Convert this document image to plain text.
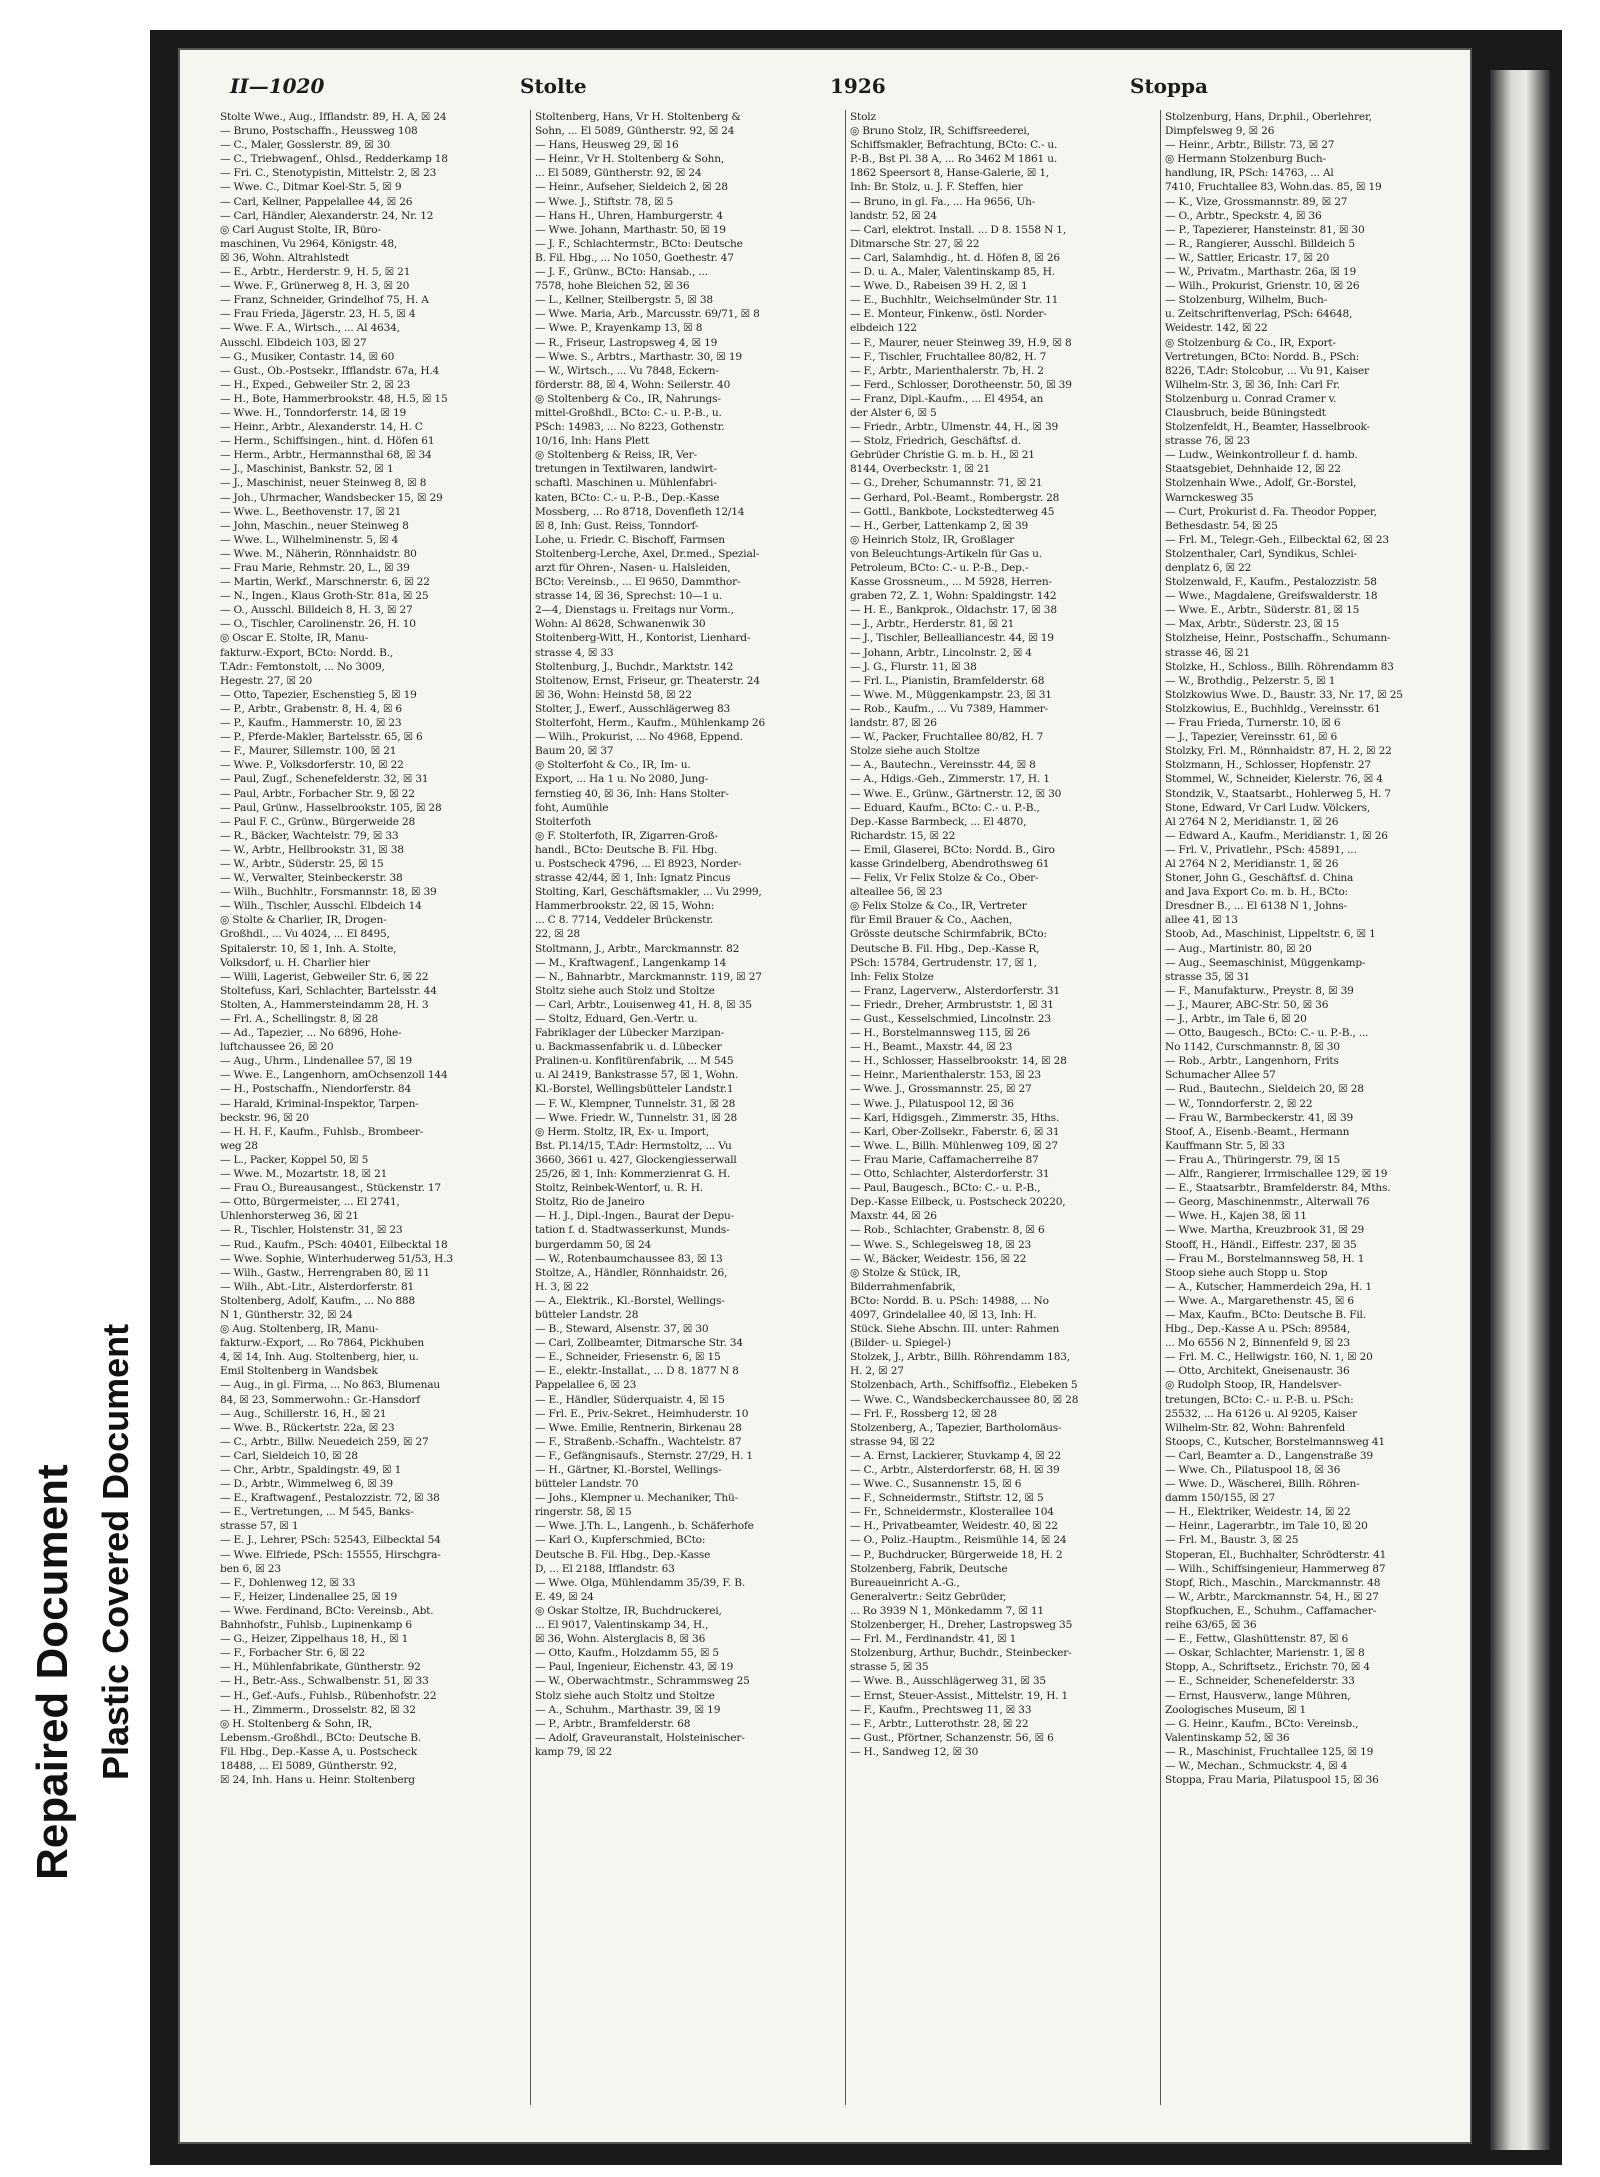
Repaired Document Plastic Covered Document
II—1020	Stolte	1926	Stoppa
Stolte Wwe., Aug., Ifflandstr. 89, H. A, ☒ 24
— Bruno, Postschaffn., Heussweg 108
— C., Maler, Gosslerstr. 89, ☒ 30
— C., Triebwagenf., Ohlsd., Redderkamp 18
— Fri. C., Stenotypistin, Mittelstr. 2, ☒ 23
— Wwe. C., Ditmar Koel-Str. 5, ☒ 9
— Carl, Kellner, Pappelallee 44, ☒ 26
— Carl, Händler, Alexanderstr. 24, Nr. 12
◎ Carl August Stolte, IR, Büro-
maschinen, Vu 2964, Königstr. 48,
☒ 36, Wohn. Altrahlstedt
— E., Arbtr., Herderstr. 9, H. 5, ☒ 21
— Wwe. F., Grünerweg 8, H. 3, ☒ 20
— Franz, Schneider, Grindelhof 75, H. A
— Frau Frieda, Jägerstr. 23, H. 5, ☒ 4
— Wwe. F. A., Wirtsch., ... Al 4634,
Ausschl. Elbdeich 103, ☒ 27
— G., Musiker, Contastr. 14, ☒ 60
— Gust., Ob.-Postsekr., Ifflandstr. 67a, H.4
— H., Exped., Gebweiler Str. 2, ☒ 23
— H., Bote, Hammerbrookstr. 48, H.5, ☒ 15
— Wwe. H., Tonndorferstr. 14, ☒ 19
— Heinr., Arbtr., Alexanderstr. 14, H. C
— Herm., Schiffsingen., hint. d. Höfen 61
— Herm., Arbtr., Hermannsthal 68, ☒ 34
— J., Maschinist, Bankstr. 52, ☒ 1
— J., Maschinist, neuer Steinweg 8, ☒ 8
— Joh., Uhrmacher, Wandsbecker 15, ☒ 29
— Wwe. L., Beethovenstr. 17, ☒ 21
— John, Maschin., neuer Steinweg 8
— Wwe. L., Wilhelminenstr. 5, ☒ 4
— Wwe. M., Näherin, Rönnhaidstr. 80
— Frau Marie, Rehmstr. 20, L., ☒ 39
— Martin, Werkf., Marschnerstr. 6, ☒ 22
— N., Ingen., Klaus Groth-Str. 81a, ☒ 25
— O., Ausschl. Billdeich 8, H. 3, ☒ 27
— O., Tischler, Carolinenstr. 26, H. 10
◎ Oscar E. Stolte, IR, Manu-
fakturw.-Export, BCto: Nordd. B.,
T.Adr.: Femtonstolt, ... No 3009,
Hegestr. 27, ☒ 20
— Otto, Tapezier, Eschenstieg 5, ☒ 19
— P., Arbtr., Grabenstr. 8, H. 4, ☒ 6
— P., Kaufm., Hammerstr. 10, ☒ 23
— P., Pferde-Makler, Bartelsstr. 65, ☒ 6
— F., Maurer, Sillemstr. 100, ☒ 21
— Wwe. P., Volksdorferstr. 10, ☒ 22
— Paul, Zugf., Schenefelderstr. 32, ☒ 31
— Paul, Arbtr., Forbacher Str. 9, ☒ 22
— Paul, Grünw., Hasselbrookstr. 105, ☒ 28
— Paul F. C., Grünw., Bürgerweide 28
— R., Bäcker, Wachtelstr. 79, ☒ 33
— W., Arbtr., Hellbrookstr. 31, ☒ 38
— W., Arbtr., Süderstr. 25, ☒ 15
— W., Verwalter, Steinbeckerstr. 38
— Wilh., Buchhltr., Forsmannstr. 18, ☒ 39
— Wilh., Tischler, Ausschl. Elbdeich 14
◎ Stolte & Charlier, IR, Drogen-
Großhdl., ... Vu 4024, ... El 8495,
Spitalerstr. 10, ☒ 1, Inh. A. Stolte,
Volksdorf, u. H. Charlier hier
— Willi, Lagerist, Gebweiler Str. 6, ☒ 22
Stoltefuss, Karl, Schlachter, Bartelsstr. 44
Stolten, A., Hammersteindamm 28, H. 3
— Frl. A., Schellingstr. 8, ☒ 28
— Ad., Tapezier, ... No 6896, Hohe-
luftchaussee 26, ☒ 20
— Aug., Uhrm., Lindenallee 57, ☒ 19
— Wwe. E., Langenhorn, amOchsenzoll 144
— H., Postschaffn., Niendorferstr. 84
— Harald, Kriminal-Inspektor, Tarpen-
beckstr. 96, ☒ 20
— H. H. F., Kaufm., Fuhlsb., Brombeer-
weg 28
— L., Packer, Koppel 50, ☒ 5
— Wwe. M., Mozartstr. 18, ☒ 21
— Frau O., Bureausangest., Stückenstr. 17
— Otto, Bürgermeister, ... El 2741,
Uhlenhorsterweg 36, ☒ 21
— R., Tischler, Holstenstr. 31, ☒ 23
— Rud., Kaufm., PSch: 40401, Eilbecktal 18
— Wwe. Sophie, Winterhuderweg 51/53, H.3
— Wilh., Gastw., Herrengraben 80, ☒ 11
— Wilh., Abt.-Litr., Alsterdorferstr. 81
Stoltenberg, Adolf, Kaufm., ... No 888
N 1, Güntherstr. 32, ☒ 24
◎ Aug. Stoltenberg, IR, Manu-
fakturw.-Export, ... Ro 7864, Pickhuben
4, ☒ 14, Inh. Aug. Stoltenberg, hier, u.
Emil Stoltenberg in Wandsbek
— Aug., in gl. Firma, ... No 863, Blumenau
84, ☒ 23, Sommerwohn.: Gr.-Hansdorf
— Aug., Schillerstr. 16, H., ☒ 21
— Wwe. B., Rückertstr. 22a, ☒ 23
— C., Arbtr., Billw. Neuedeich 259, ☒ 27
— Carl, Sieldeich 10, ☒ 28
— Chr., Arbtr., Spaldingstr. 49, ☒ 1
— D., Arbtr., Wimmelweg 6, ☒ 39
— E., Kraftwagenf., Pestalozzistr. 72, ☒ 38
— E., Vertretungen, ... M 545, Banks-
strasse 57, ☒ 1
— E. J., Lehrer, PSch: 52543, Eilbecktal 54
— Wwe. Elfriede, PSch: 15555, Hirschgra-
ben 6, ☒ 23
— F., Dohlenweg 12, ☒ 33
— F., Heizer, Lindenallee 25, ☒ 19
— Wwe. Ferdinand, BCto: Vereinsb., Abt.
Bahnhofstr., Fuhlsb., Lupinenkamp 6
— G., Heizer, Zippelhaus 18, H., ☒ 1
— F., Forbacher Str. 6, ☒ 22
— H., Mühlenfabrikate, Güntherstr. 92
— H., Betr.-Ass., Schwalbenstr. 51, ☒ 33
— H., Gef.-Aufs., Fuhlsb., Rübenhofstr. 22
— H., Zimmerm., Drosselstr. 82, ☒ 32
◎ H. Stoltenberg & Sohn, IR,
Lebensm.-Großhdl., BCto: Deutsche B.
Fil. Hbg., Dep.-Kasse A, u. Postscheck
18488, ... El 5089, Güntherstr. 92,
☒ 24, Inh. Hans u. Heinr. Stoltenberg
Stoltenberg, Hans, Vr H. Stoltenberg &
Sohn, ... El 5089, Güntherstr. 92, ☒ 24
— Hans, Heusweg 29, ☒ 16
— Heinr., Vr H. Stoltenberg & Sohn,
... El 5089, Güntherstr. 92, ☒ 24
— Heinr., Aufseher, Sieldeich 2, ☒ 28
— Wwe. J., Stiftstr. 78, ☒ 5
— Hans H., Uhren, Hamburgerstr. 4
— Wwe. Johann, Marthastr. 50, ☒ 19
— J. F., Schlachtermstr., BCto: Deutsche
B. Fil. Hbg., ... No 1050, Goethestr. 47
— J. F., Grünw., BCto: Hansab., ...
7578, hohe Bleichen 52, ☒ 36
— L., Kellner, Steilbergstr. 5, ☒ 38
— Wwe. Maria, Arb., Marcusstr. 69/71, ☒ 8
— Wwe. P., Krayenkamp 13, ☒ 8
— R., Friseur, Lastropsweg 4, ☒ 19
— Wwe. S., Arbtrs., Marthastr. 30, ☒ 19
— W., Wirtsch., ... Vu 7848, Eckern-
förderstr. 88, ☒ 4, Wohn: Seilerstr. 40
◎ Stoltenberg & Co., IR, Nahrungs-
mittel-Großhdl., BCto: C.- u. P.-B., u.
PSch: 14983, ... No 8223, Gothenstr.
10/16, Inh: Hans Plett
◎ Stoltenberg & Reiss, IR, Ver-
tretungen in Textilwaren, landwirt-
schaftl. Maschinen u. Mühlenfabri-
katen, BCto: C.- u. P.-B., Dep.-Kasse
Mossberg, ... Ro 8718, Dovenfleth 12/14
☒ 8, Inh: Gust. Reiss, Tonndorf-
Lohe, u. Friedr. C. Bischoff, Farmsen
Stoltenberg-Lerche, Axel, Dr.med., Spezial-
arzt für Ohren-, Nasen- u. Halsleiden,
BCto: Vereinsb., ... El 9650, Dammthor-
strasse 14, ☒ 36, Sprechst: 10—1 u.
2—4, Dienstags u. Freitags nur Vorm.,
Wohn: Al 8628, Schwanenwik 30
Stoltenberg-Witt, H., Kontorist, Lienhard-
strasse 4, ☒ 33
Stoltenburg, J., Buchdr., Marktstr. 142
Stoltenow, Ernst, Friseur, gr. Theaterstr. 24
☒ 36, Wohn: Heinstd 58, ☒ 22
Stolter, J., Ewerf., Ausschlägerweg 83
Stolterfoht, Herm., Kaufm., Mühlenkamp 26
— Wilh., Prokurist, ... No 4968, Eppend.
Baum 20, ☒ 37
◎ Stolterfoht & Co., IR, Im- u.
Export, ... Ha 1 u. No 2080, Jung-
fernstieg 40, ☒ 36, Inh: Hans Stolter-
foht, Aumühle
Stolterfoth
◎ F. Stolterfoth, IR, Zigarren-Groß-
handl., BCto: Deutsche B. Fil. Hbg.
u. Postscheck 4796, ... El 8923, Norder-
strasse 42/44, ☒ 1, Inh: Ignatz Pincus
Stolting, Karl, Geschäftsmakler, ... Vu 2999,
Hammerbrookstr. 22, ☒ 15, Wohn:
... C 8. 7714, Veddeler Brückenstr.
22, ☒ 28
Stoltmann, J., Arbtr., Marckmannstr. 82
— M., Kraftwagenf., Langenkamp 14
— N., Bahnarbtr., Marckmannstr. 119, ☒ 27
Stoltz siehe auch Stolz und Stoltze
— Carl, Arbtr., Louisenweg 41, H. 8, ☒ 35
— Stoltz, Eduard, Gen.-Vertr. u.
Fabriklager der Lübecker Marzipan-
u. Backmassenfabrik u. d. Lübecker
Pralinen-u. Konfitürenfabrik, ... M 545
u. Al 2419, Bankstrasse 57, ☒ 1, Wohn.
Kl.-Borstel, Wellingsbütteler Landstr.1
— F. W., Klempner, Tunnelstr. 31, ☒ 28
— Wwe. Friedr. W., Tunnelstr. 31, ☒ 28
◎ Herm. Stoltz, IR, Ex- u. Import,
Bst. Pl.14/15, T.Adr: Hermstoltz, ... Vu
3660, 3661 u. 427, Glockengiesserwall
25/26, ☒ 1, Inh: Kommerzienrat G. H.
Stoltz, Reinbek-Wentorf, u. R. H.
Stoltz, Rio de Janeiro
— H. J., Dipl.-Ingen., Baurat der Depu-
tation f. d. Stadtwasserkunst, Munds-
burgerdamm 50, ☒ 24
— W., Rotenbaumchaussee 83, ☒ 13
Stoltze, A., Händler, Rönnhaidstr. 26,
H. 3, ☒ 22
— A., Elektrik., Kl.-Borstel, Wellings-
bütteler Landstr. 28
— B., Steward, Alsenstr. 37, ☒ 30
— Carl, Zollbeamter, Ditmarsche Str. 34
— E., Schneider, Friesenstr. 6, ☒ 15
— E., elektr.-Installat., ... D 8. 1877 N 8
Pappelallee 6, ☒ 23
— E., Händler, Süderquaistr. 4, ☒ 15
— Frl. E., Priv.-Sekret., Heimhuderstr. 10
— Wwe. Emilie, Rentnerin, Birkenau 28
— F., Straßenb.-Schaffn., Wachtelstr. 87
— F., Gefängnisaufs., Sternstr. 27/29, H. 1
— H., Gärtner, Kl.-Borstel, Wellings-
bütteler Landstr. 70
— Johs., Klempner u. Mechaniker, Thü-
ringerstr. 58, ☒ 15
— Wwe. J.Th. L., Langenh., b. Schäferhofe
— Karl O., Kupferschmied, BCto:
Deutsche B. Fil. Hbg., Dep.-Kasse
D, ... El 2188, Ifflandstr. 63
— Wwe. Olga, Mühlendamm 35/39, F. B.
E. 49, ☒ 24
◎ Oskar Stoltze, IR, Buchdruckerei,
... El 9017, Valentinskamp 34, H.,
☒ 36, Wohn. Alsterglacis 8, ☒ 36
— Otto, Kaufm., Holzdamm 55, ☒ 5
— Paul, Ingenieur, Eichenstr. 43, ☒ 19
— W., Oberwachtmstr., Schrammsweg 25
Stolz siehe auch Stoltz und Stoltze
— A., Schuhm., Marthastr. 39, ☒ 19
— P., Arbtr., Bramfelderstr. 68
— Adolf, Graveuranstalt, Holsteinischer-
kamp 79, ☒ 22
Stolz
◎ Bruno Stolz, IR, Schiffsreederei,
Schiffsmakler, Befrachtung, BCto: C.- u.
P.-B., Bst Pl. 38 A, ... Ro 3462 M 1861 u.
1862 Speersort 8, Hanse-Galerie, ☒ 1,
Inh: Br. Stolz, u. J. F. Steffen, hier
— Bruno, in gl. Fa., ... Ha 9656, Uh-
landstr. 52, ☒ 24
— Carl, elektrot. Install. ... D 8. 1558 N 1,
Ditmarsche Str. 27, ☒ 22
— Carl, Salamhdig., ht. d. Höfen 8, ☒ 26
— D. u. A., Maler, Valentinskamp 85, H.
— Wwe. D., Rabeisen 39 H. 2, ☒ 1
— E., Buchhltr., Weichselmünder Str. 11
— E. Monteur, Finkenw., östl. Norder-
elbdeich 122
— F., Maurer, neuer Steinweg 39, H.9, ☒ 8
— F., Tischler, Fruchtallee 80/82, H. 7
— F., Arbtr., Marienthalerstr. 7b, H. 2
— Ferd., Schlosser, Dorotheenstr. 50, ☒ 39
— Franz, Dipl.-Kaufm., ... El 4954, an
der Alster 6, ☒ 5
— Friedr., Arbtr., Ulmenstr. 44, H., ☒ 39
— Stolz, Friedrich, Geschäftsf. d.
Gebrüder Christie G. m. b. H., ☒ 21
8144, Overbeckstr. 1, ☒ 21
— G., Dreher, Schumannstr. 71, ☒ 21
— Gerhard, Pol.-Beamt., Rombergstr. 28
— Gottl., Bankbote, Lockstedterweg 45
— H., Gerber, Lattenkamp 2, ☒ 39
◎ Heinrich Stolz, IR, Großlager
von Beleuchtungs-Artikeln für Gas u.
Petroleum, BCto: C.- u. P.-B., Dep.-
Kasse Grossneum., ... M 5928, Herren-
graben 72, Z. 1, Wohn: Spaldingstr. 142
— H. E., Bankprok., Oldachstr. 17, ☒ 38
— J., Arbtr., Herderstr. 81, ☒ 21
— J., Tischler, Bellealliancestr. 44, ☒ 19
— Johann, Arbtr., Lincolnstr. 2, ☒ 4
— J. G., Flurstr. 11, ☒ 38
— Frl. L., Pianistin, Bramfelderstr. 68
— Wwe. M., Müggenkampstr. 23, ☒ 31
— Rob., Kaufm., ... Vu 7389, Hammer-
landstr. 87, ☒ 26
— W., Packer, Fruchtallee 80/82, H. 7
Stolze siehe auch Stoltze
— A., Bautechn., Vereinsstr. 44, ☒ 8
— A., Hdigs.-Geh., Zimmerstr. 17, H. 1
— Wwe. E., Grünw., Gärtnerstr. 12, ☒ 30
— Eduard, Kaufm., BCto: C.- u. P.-B.,
Dep.-Kasse Barmbeck, ... El 4870,
Richardstr. 15, ☒ 22
— Emil, Glaserei, BCto: Nordd. B., Giro
kasse Grindelberg, Abendrothsweg 61
— Felix, Vr Felix Stolze & Co., Ober-
alteallee 56, ☒ 23
◎ Felix Stolze & Co., IR, Vertreter
für Emil Brauer & Co., Aachen,
Grösste deutsche Schirmfabrik, BCto:
Deutsche B. Fil. Hbg., Dep.-Kasse R,
PSch: 15784, Gertrudenstr. 17, ☒ 1,
Inh: Felix Stolze
— Franz, Lagerverw., Alsterdorferstr. 31
— Friedr., Dreher, Armbruststr. 1, ☒ 31
— Gust., Kesselschmied, Lincolnstr. 23
— H., Borstelmannsweg 115, ☒ 26
— H., Beamt., Maxstr. 44, ☒ 23
— H., Schlosser, Hasselbrookstr. 14, ☒ 28
— Heinr., Marienthalerstr. 153, ☒ 23
— Wwe. J., Grossmannstr. 25, ☒ 27
— Wwe. J., Pilatuspool 12, ☒ 36
— Karl, Hdigsgeh., Zimmerstr. 35, Hths.
— Karl, Ober-Zollsekr., Faberstr. 6, ☒ 31
— Wwe. L., Billh. Mühlenweg 109, ☒ 27
— Frau Marie, Caffamacherreihe 87
— Otto, Schlachter, Alsterdorferstr. 31
— Paul, Baugesch., BCto: C.- u. P.-B.,
Dep.-Kasse Eilbeck, u. Postscheck 20220,
Maxstr. 44, ☒ 26
— Rob., Schlachter, Grabenstr. 8, ☒ 6
— Wwe. S., Schlegelsweg 18, ☒ 23
— W., Bäcker, Weidestr. 156, ☒ 22
◎ Stolze & Stück, IR,
Bilderrahmenfabrik,
BCto: Nordd. B. u. PSch: 14988, ... No
4097, Grindelallee 40, ☒ 13, Inh: H.
Stück. Siehe Abschn. III. unter: Rahmen
(Bilder- u. Spiegel-)
Stolzek, J., Arbtr., Billh. Röhrendamm 183,
H. 2, ☒ 27
Stolzenbach, Arth., Schiffsoffiz., Elebeken 5
— Wwe. C., Wandsbeckerchaussee 80, ☒ 28
— Frl. F., Rossberg 12, ☒ 28
Stolzenberg, A., Tapezier, Bartholomäus-
strasse 94, ☒ 22
— A. Ernst, Lackierer, Stuvkamp 4, ☒ 22
— C., Arbtr., Alsterdorferstr. 68, H. ☒ 39
— Wwe. C., Susannenstr. 15, ☒ 6
— F., Schneidermstr., Stiftstr. 12, ☒ 5
— Fr., Schneidermstr., Klosterallee 104
— H., Privatbeamter, Weidestr. 40, ☒ 22
— O., Poliz.-Hauptm., Reismühle 14, ☒ 24
— P., Buchdrucker, Bürgerweide 18, H. 2
Stolzenberg, Fabrik, Deutsche
Bureaueinricht A.-G.,
Generalvertr.: Seitz Gebrüder,
... Ro 3939 N 1, Mönkedamm 7, ☒ 11
Stolzenberger, H., Dreher, Lastropsweg 35
— Frl. M., Ferdinandstr. 41, ☒ 1
Stolzenburg, Arthur, Buchdr., Steinbecker-
strasse 5, ☒ 35
— Wwe. B., Ausschlägerweg 31, ☒ 35
— Ernst, Steuer-Assist., Mittelstr. 19, H. 1
— F., Kaufm., Prechtsweg 11, ☒ 33
— F., Arbtr., Lutterothstr. 28, ☒ 22
— Gust., Pförtner, Schanzenstr. 56, ☒ 6
— H., Sandweg 12, ☒ 30
Stolzenburg, Hans, Dr.phil., Oberlehrer,
Dimpfelsweg 9, ☒ 26
— Heinr., Arbtr., Billstr. 73, ☒ 27
◎ Hermann Stolzenburg Buch-
handlung, IR, PSch: 14763, ... Al
7410, Fruchtallee 83, Wohn.das. 85, ☒ 19
— K., Vize, Grossmannstr. 89, ☒ 27
— O., Arbtr., Speckstr. 4, ☒ 36
— P., Tapezierer, Hansteinstr. 81, ☒ 30
— R., Rangierer, Ausschl. Billdeich 5
— W., Sattler, Ericastr. 17, ☒ 20
— W., Privatm., Marthastr. 26a, ☒ 19
— Wilh., Prokurist, Grienstr. 10, ☒ 26
— Stolzenburg, Wilhelm, Buch-
u. Zeitschriftenverlag, PSch: 64648,
Weidestr. 142, ☒ 22
◎ Stolzenburg & Co., IR, Export-
Vertretungen, BCto: Nordd. B., PSch:
8226, T.Adr: Stolcobur, ... Vu 91, Kaiser
Wilhelm-Str. 3, ☒ 36, Inh: Carl Fr.
Stolzenburg u. Conrad Cramer v.
Clausbruch, beide Büningstedt
Stolzenfeldt, H., Beamter, Hasselbrook-
strasse 76, ☒ 23
— Ludw., Weinkontrolleur f. d. hamb.
Staatsgebiet, Dehnhaide 12, ☒ 22
Stolzenhain Wwe., Adolf, Gr.-Borstel,
Warnckesweg 35
— Curt, Prokurist d. Fa. Theodor Popper,
Bethesdastr. 54, ☒ 25
— Frl. M., Telegr.-Geh., Eilbecktal 62, ☒ 23
Stolzenthaler, Carl, Syndikus, Schlei-
denplatz 6, ☒ 22
Stolzenwald, F., Kaufm., Pestalozzistr. 58
— Wwe., Magdalene, Greifswalderstr. 18
— Wwe. E., Arbtr., Süderstr. 81, ☒ 15
— Max, Arbtr., Süderstr. 23, ☒ 15
Stolzheise, Heinr., Postschaffn., Schumann-
strasse 46, ☒ 21
Stolzke, H., Schloss., Billh. Röhrendamm 83
— W., Brothdig., Pelzerstr. 5, ☒ 1
Stolzkowius Wwe. D., Baustr. 33, Nr. 17, ☒ 25
Stolzkowius, E., Buchhldg., Vereinsstr. 61
— Frau Frieda, Turnerstr. 10, ☒ 6
— J., Tapezier, Vereinsstr. 61, ☒ 6
Stolzky, Frl. M., Rönnhaidstr. 87, H. 2, ☒ 22
Stolzmann, H., Schlosser, Hopfenstr. 27
Stommel, W., Schneider, Kielerstr. 76, ☒ 4
Stondzik, V., Staatsarbt., Hohlerweg 5, H. 7
Stone, Edward, Vr Carl Ludw. Völckers,
Al 2764 N 2, Meridianstr. 1, ☒ 26
— Edward A., Kaufm., Meridianstr. 1, ☒ 26
— Frl. V., Privatlehr., PSch: 45891, ...
Al 2764 N 2, Meridianstr. 1, ☒ 26
Stoner, John G., Geschäftsf. d. China
and Java Export Co. m. b. H., BCto:
Dresdner B., ... El 6138 N 1, Johns-
allee 41, ☒ 13
Stoob, Ad., Maschinist, Lippeltstr. 6, ☒ 1
— Aug., Martinistr. 80, ☒ 20
— Aug., Seemaschinist, Müggenkamp-
strasse 35, ☒ 31
— F., Manufakturw., Preystr. 8, ☒ 39
— J., Maurer, ABC-Str. 50, ☒ 36
— J., Arbtr., im Tale 6, ☒ 20
— Otto, Baugesch., BCto: C.- u. P.-B., ...
No 1142, Curschmannstr. 8, ☒ 30
— Rob., Arbtr., Langenhorn, Frits
Schumacher Allee 57
— Rud., Bautechn., Sieldeich 20, ☒ 28
— W., Tonndorferstr. 2, ☒ 22
— Frau W., Barmbeckerstr. 41, ☒ 39
Stoof, A., Eisenb.-Beamt., Hermann
Kauffmann Str. 5, ☒ 33
— Frau A., Thüringerstr. 79, ☒ 15
— Alfr., Rangierer, Irrmischallee 129, ☒ 19
— E., Staatsarbtr., Bramfelderstr. 84, Mths.
— Georg, Maschinenmstr., Alterwall 76
— Wwe. H., Kajen 38, ☒ 11
— Wwe. Martha, Kreuzbrook 31, ☒ 29
Stooff, H., Händl., Eiffestr. 237, ☒ 35
— Frau M., Borstelmannsweg 58, H. 1
Stoop siehe auch Stopp u. Stop
— A., Kutscher, Hammerdeich 29a, H. 1
— Wwe. A., Margarethenstr. 45, ☒ 6
— Max, Kaufm., BCto: Deutsche B. Fil.
Hbg., Dep.-Kasse A u. PSch: 89584,
... Mo 6556 N 2, Binnenfeld 9, ☒ 23
— Frl. M. C., Hellwigstr. 160, N. 1, ☒ 20
— Otto, Architekt, Gneisenaustr. 36
◎ Rudolph Stoop, IR, Handelsver-
tretungen, BCto: C.- u. P.-B. u. PSch:
25532, ... Ha 6126 u. Al 9205, Kaiser
Wilhelm-Str. 82, Wohn: Bahrenfeld
Stoops, C., Kutscher, Borstelmannsweg 41
— Carl, Beamter a. D., Langenstraße 39
— Wwe. Ch., Pilatuspool 18, ☒ 36
— Wwe. D., Wäscherei, Billh. Röhren-
damm 150/155, ☒ 27
— H., Elektriker, Weidestr. 14, ☒ 22
— Heinr., Lagerarbtr., im Tale 10, ☒ 20
— Frl. M., Baustr. 3, ☒ 25
Stoperan, El., Buchhalter, Schrödterstr. 41
— Wilh., Schiffsingenieur, Hammerweg 87
Stopf, Rich., Maschin., Marckmannstr. 48
— W., Arbtr., Marckmannstr. 54, H., ☒ 27
Stopfkuchen, E., Schuhm., Caffamacher-
reihe 63/65, ☒ 36
— E., Fettw., Glashüttenstr. 87, ☒ 6
— Oskar, Schlachter, Marienstr. 1, ☒ 8
Stopp, A., Schriftsetz., Erichstr. 70, ☒ 4
— E., Schneider, Schenefelderstr. 33
— Ernst, Hausverw., lange Mühren,
Zoologisches Museum, ☒ 1
— G. Heinr., Kaufm., BCto: Vereinsb.,
Valentinskamp 52, ☒ 36
— R., Maschinist, Fruchtallee 125, ☒ 19
— W., Mechan., Schmuckstr. 4, ☒ 4
Stoppa, Frau Maria, Pilatuspool 15, ☒ 36
